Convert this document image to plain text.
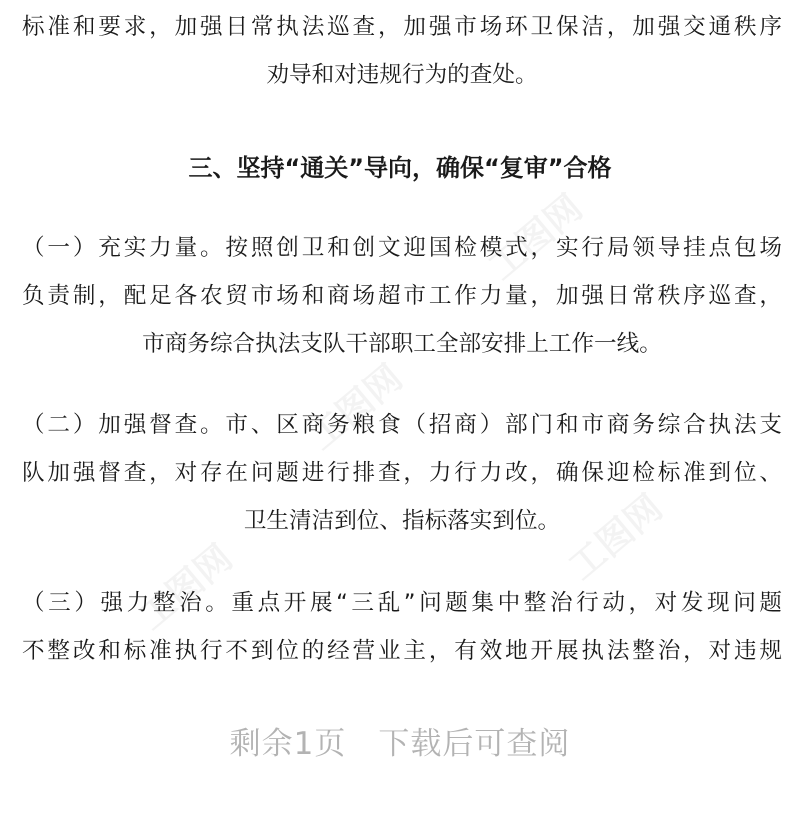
工图网
工图网
工图网
工图网
标准和要求，加强日常执法巡查，加强市场环卫保洁，加强交通秩序
劝导和对违规行为的查处。
三、坚持“通关”导向，确保“复审”合格
（一）充实力量。按照创卫和创文迎国检模式，实行局领导挂点包场
负责制，配足各农贸市场和商场超市工作力量，加强日常秩序巡查，
市商务综合执法支队干部职工全部安排上工作一线。
（二）加强督查。市、区商务粮食（招商）部门和市商务综合执法支
队加强督查，对存在问题进行排查，力行力改，确保迎检标准到位、
卫生清洁到位、指标落实到位。
（三）强力整治。重点开展“三乱”问题集中整治行动，对发现问题
不整改和标准执行不到位的经营业主，有效地开展执法整治，对违规
剩余1页　下载后可查阅
